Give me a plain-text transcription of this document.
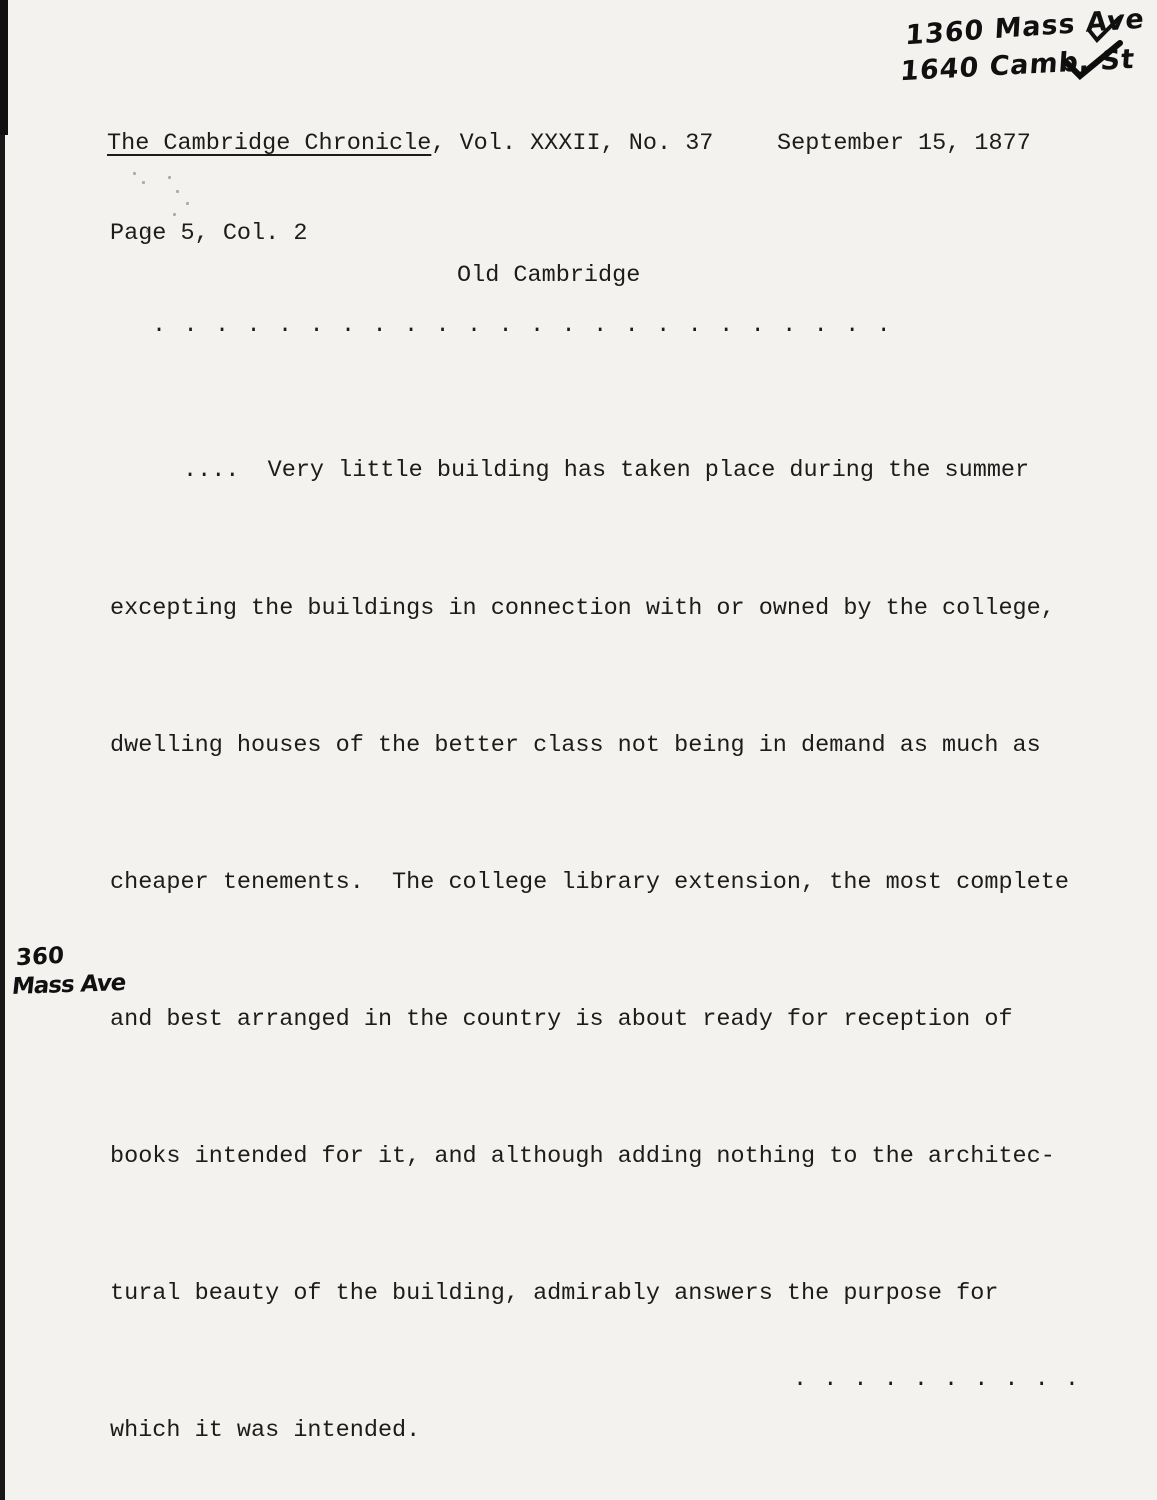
1360 Mass Ave
1640 Camb. St
360
Mass Ave
The Cambridge Chronicle, Vol. XXXII, No. 37	September 15, 1877
Page 5, Col. 2
Old Cambridge
. . . . . . . . . . . . . . . . . . . . . . . .

....  Very little building has taken place during the summer

excepting the buildings in connection with or owned by the college,

dwelling houses of the better class not being in demand as much as

cheaper tenements.  The college library extension, the most complete

and best arranged in the country is about ready for reception of

books intended for it, and although adding nothing to the architec-

tural beauty of the building, admirably answers the purpose for

which it was intended.

. . . . . . . . . .
